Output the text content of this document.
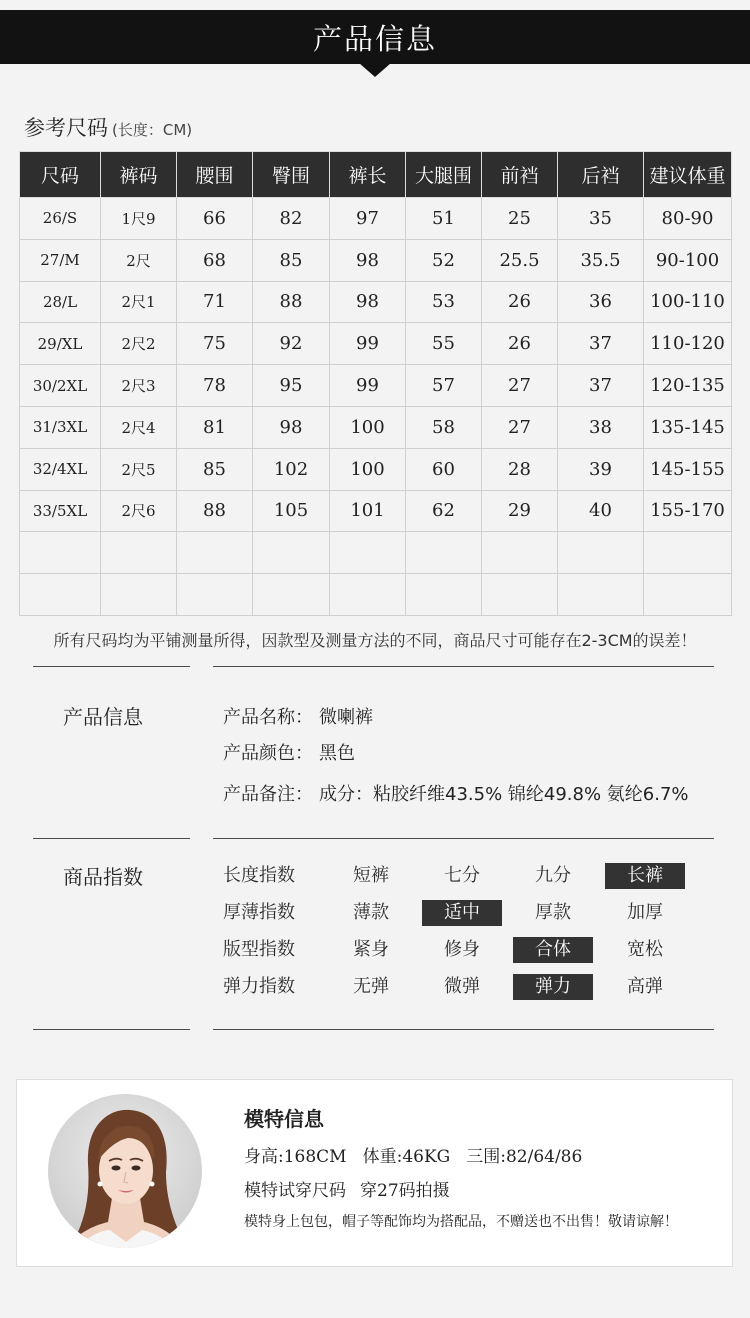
产品信息
参考尺码 (长度：CM)
尺码	裤码	腰围	臀围	裤长	大腿围	前裆	后裆	建议体重
26/S	1尺9	66	82	97	51	25	35	80-90
27/M	2尺	68	85	98	52	25.5	35.5	90-100
28/L	2尺1	71	88	98	53	26	36	100-110
29/XL	2尺2	75	92	99	55	26	37	110-120
30/2XL	2尺3	78	95	99	57	27	37	120-135
31/3XL	2尺4	81	98	100	58	27	38	135-145
32/4XL	2尺5	85	102	100	60	28	39	145-155
33/5XL	2尺6	88	105	101	62	29	40	155-170

所有尺码均为平铺测量所得，因款型及测量方法的不同，商品尺寸可能存在2-3CM的误差！
产品信息	产品名称： 微喇裤
产品颜色： 黑色
产品备注： 成分：粘胶纤维43.5% 锦纶49.8% 氨纶6.7%
商品指数	长度指数	短裤	七分	九分	长裤
厚薄指数	薄款	适中	厚款	加厚
版型指数	紧身	修身	合体	宽松
弹力指数	无弹	微弹	弹力	高弹
模特信息
身高:168CM 体重:46KG 三围:82/64/86
模特试穿尺码 穿27码拍摄
模特身上包包，帽子等配饰均为搭配品，不赠送也不出售！敬请谅解！
